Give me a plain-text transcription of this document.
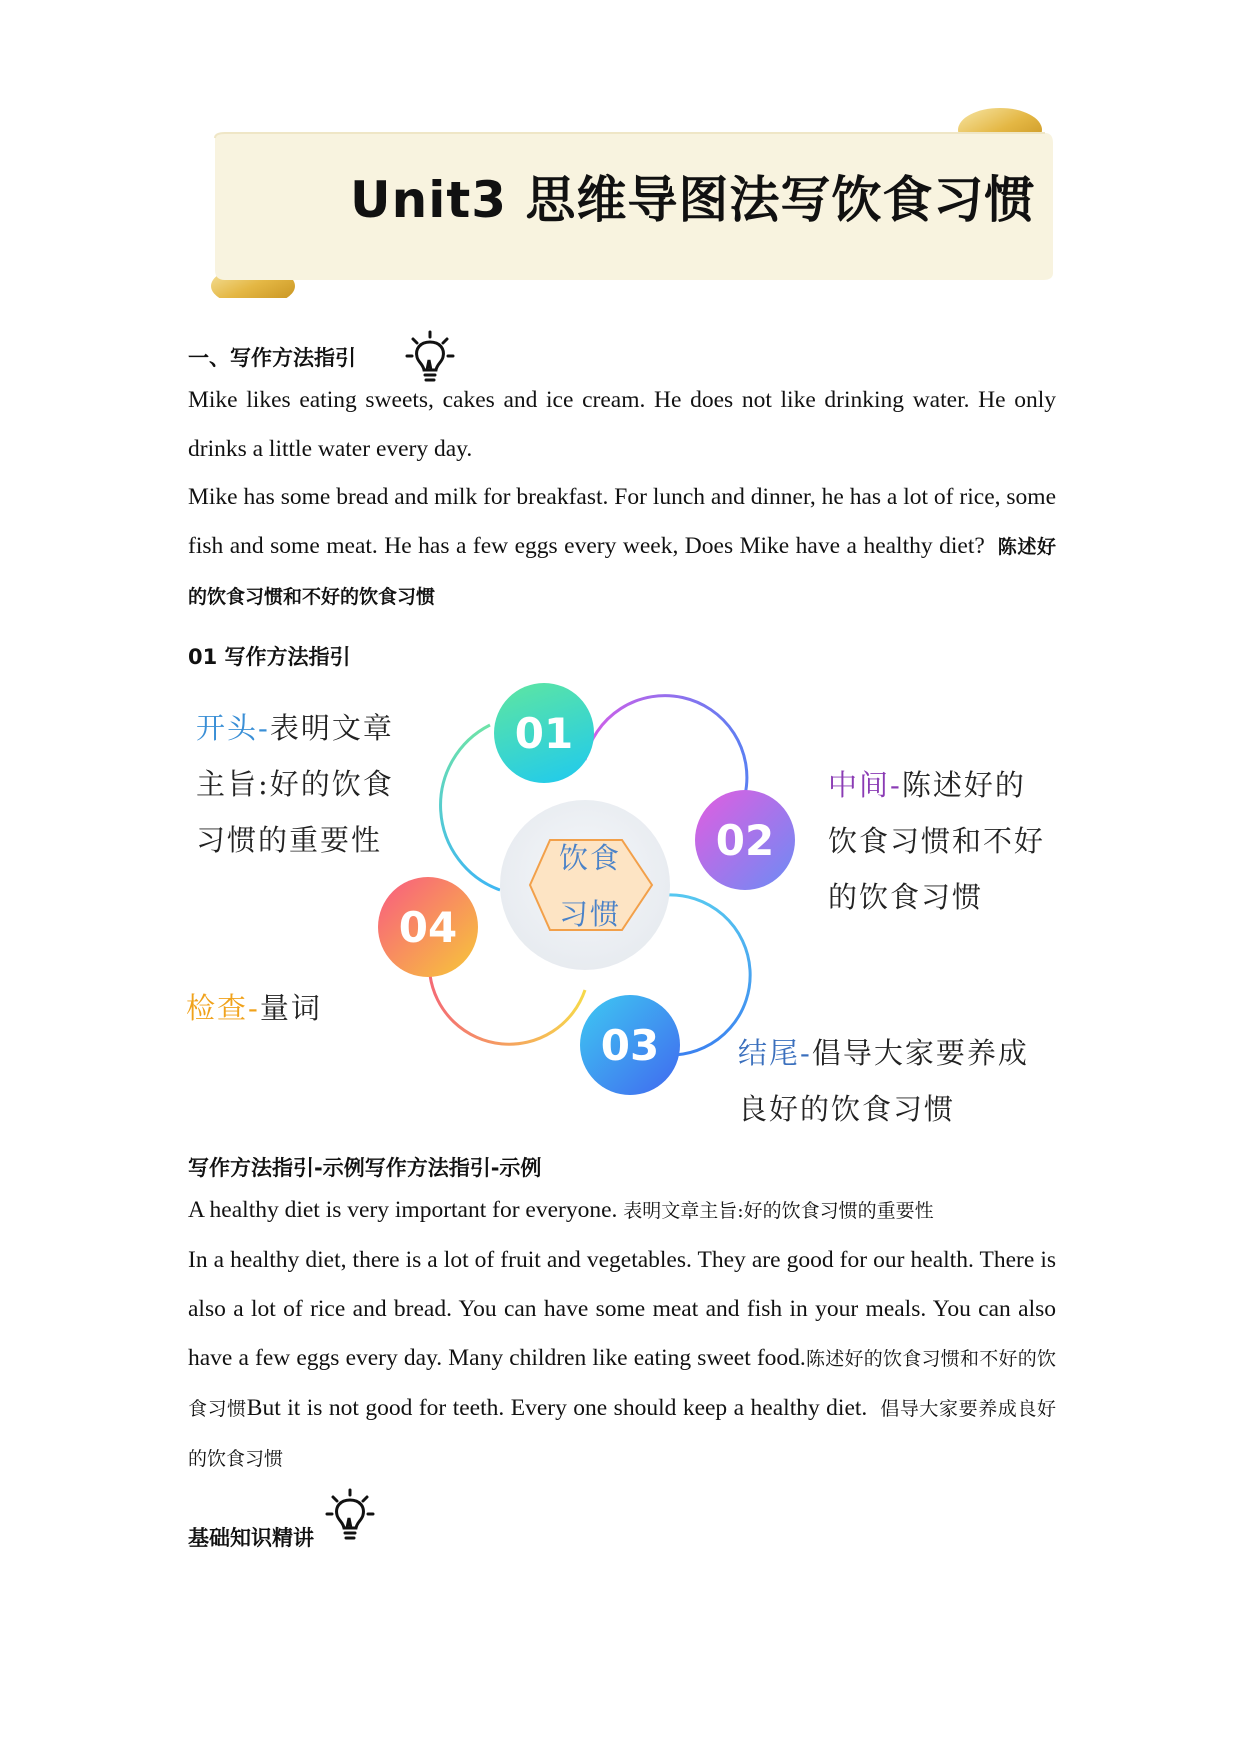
Unit3 思维导图法写饮食习惯
一、写作方法指引
Mike likes eating sweets, cakes and ice cream. He does not like drinking water. He only drinks a little water every day.
Mike has some bread and milk for breakfast. For lunch and dinner, he has a lot of rice, some fish and some meat. He has a few eggs every week, Does Mike have a healthy diet? 陈述好的饮食习惯和不好的饮食习惯
01 写作方法指引
饮食
习惯
01
02
03
04
开头-表明文章
主旨:好的饮食
习惯的重要性
中间-陈述好的
饮食习惯和不好
的饮食习惯
结尾-倡导大家要养成
良好的饮食习惯
检查-量词
写作方法指引-示例写作方法指引-示例
A healthy diet is very important for everyone. 表明文章主旨:好的饮食习惯的重要性
In a healthy diet, there is a lot of fruit and vegetables. They are good for our health. There is also a lot of rice and bread. You can have some meat and fish in your meals. You can also have a few eggs every day. Many children like eating sweet food.陈述好的饮食习惯和不好的饮食习惯But it is not good for teeth. Every one should keep a healthy diet. 倡导大家要养成良好的饮食习惯
基础知识精讲
